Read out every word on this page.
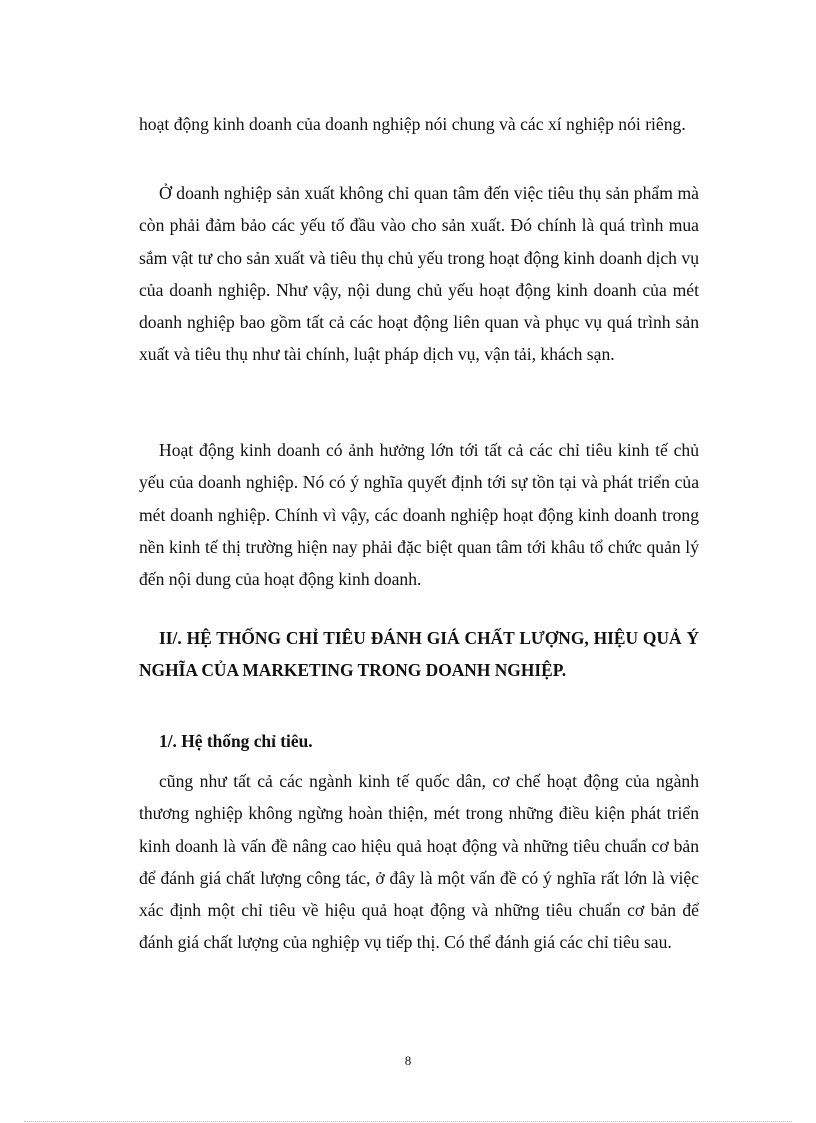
hoạt động kinh doanh của doanh nghiệp nói chung và các xí nghiệp nói riêng.

Ở doanh nghiệp sản xuất không chỉ quan tâm đến việc tiêu thụ sản phẩm mà còn phải đảm bảo các yếu tố đầu vào cho sản xuất. Đó chính là quá trình mua sắm vật tư cho sản xuất và tiêu thụ chủ yếu trong hoạt động kinh doanh dịch vụ của doanh nghiệp. Như vậy, nội dung chủ yếu hoạt động kinh doanh của mét doanh nghiệp bao gồm tất cả các hoạt động liên quan và phục vụ quá trình sản xuất và tiêu thụ như tài chính, luật pháp dịch vụ, vận tải, khách sạn.

Hoạt động kinh doanh có ảnh hưởng lớn tới tất cả các chỉ tiêu kinh tế chủ yếu của doanh nghiệp. Nó có ý nghĩa quyết định tới sự tồn tại và phát triển của mét doanh nghiệp. Chính vì vậy, các doanh nghiệp hoạt động kinh doanh trong nền kinh tế thị trường hiện nay phải đặc biệt quan tâm tới khâu tổ chức quản lý đến nội dung của hoạt động kinh doanh.

II/. HỆ THỐNG CHỈ TIÊU ĐÁNH GIÁ CHẤT LƯỢNG, HIỆU QUẢ Ý NGHĨA CỦA MARKETING TRONG DOANH NGHIỆP.
1/. Hệ thống chỉ tiêu.

cũng như tất cả các ngành kinh tế quốc dân, cơ chế hoạt động của ngành thương nghiệp không ngừng hoàn thiện, mét trong những điều kiện phát triển kinh doanh là vấn đề nâng cao hiệu quả hoạt động và những tiêu chuẩn cơ bản để đánh giá chất lượng công tác, ở đây là một vấn đề có ý nghĩa rất lớn là việc xác định một chỉ tiêu về hiệu quả hoạt động và những tiêu chuẩn cơ bản để đánh giá chất lượng của nghiệp vụ tiếp thị. Có thể đánh giá các chỉ tiêu sau.

8
